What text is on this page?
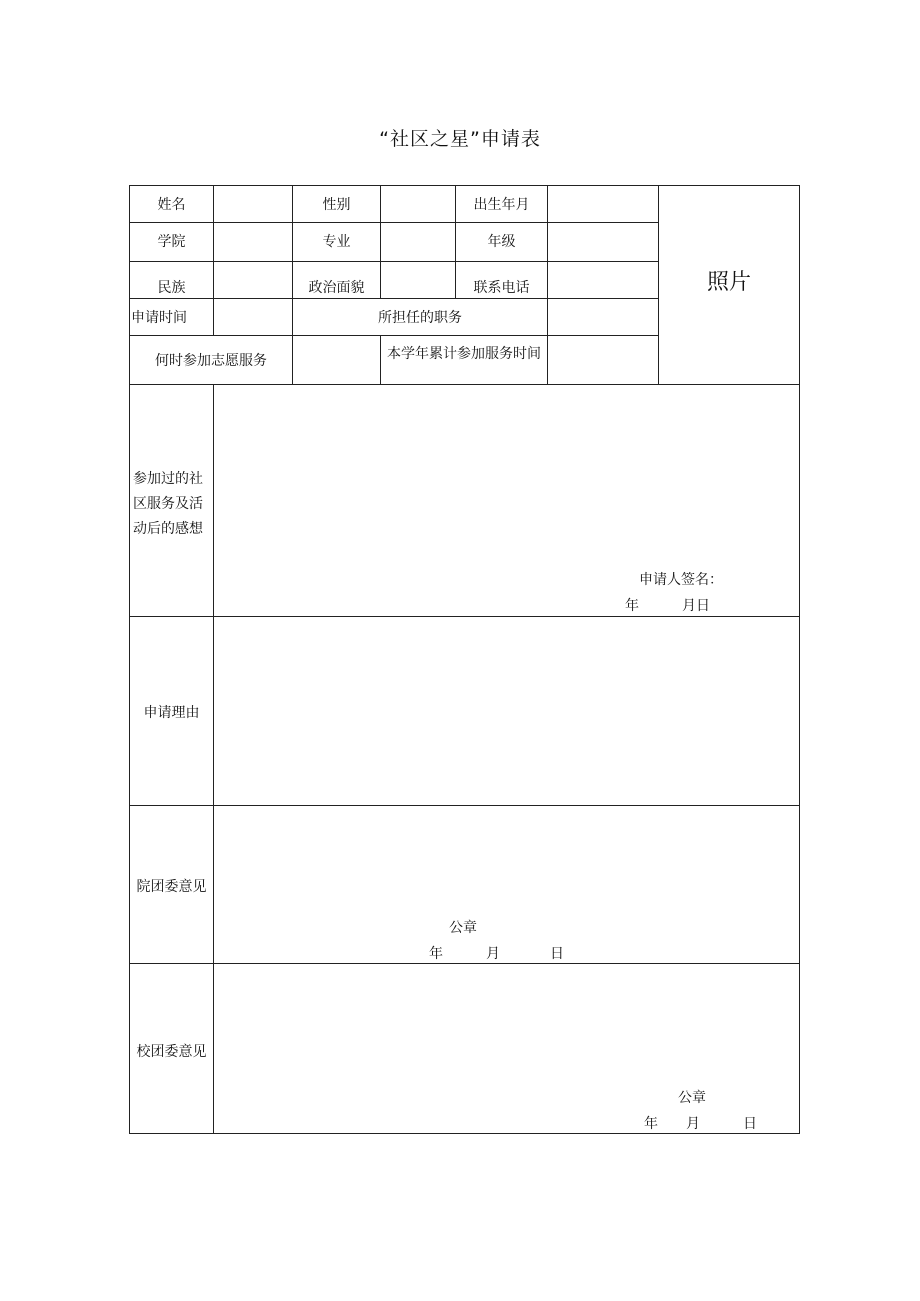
“社区之星”申请表
姓名	性别	出生年月
学院	专业	年级
民族	政治面貌	联系电话
申请时间	所担任的职务
何时参加志愿服务	本学年累计参加服务时间
照片
参加过的社区服务及活动后的感想
申请人签名：
年	月日
申请理由
院团委意见
公章
年	月	日
校团委意见
公章
年 月	日
